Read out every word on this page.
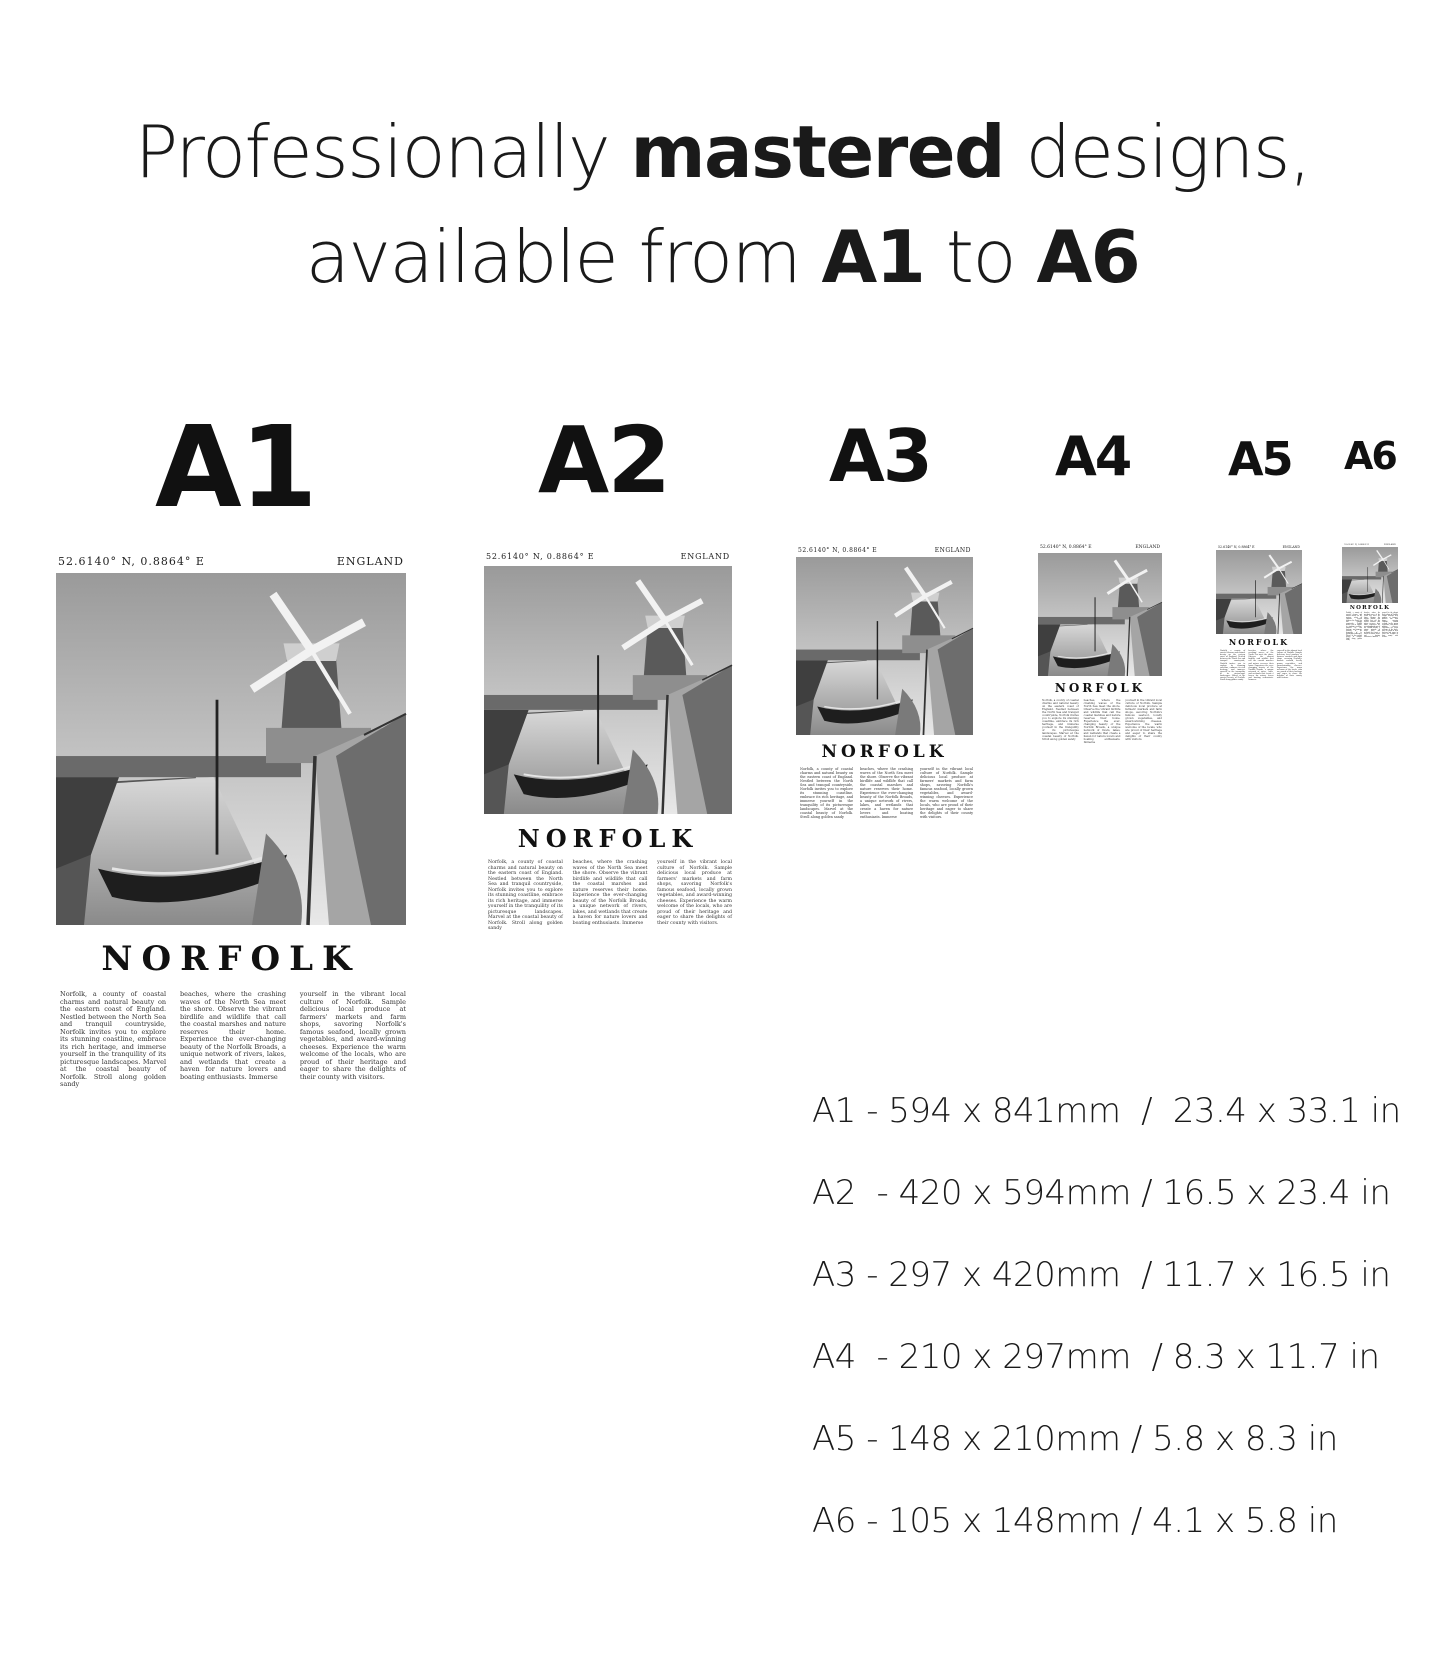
Professionally mastered designs,
available from A1 to A6
A1 A2 A3 A4 A5 A6
52.6140° N, 0.8864° E	ENGLAND
NORFOLK
Norfolk, a county of coastal charms and natural beauty on the eastern coast of England. Nestled between the North Sea and tranquil countryside, Norfolk invites you to explore its stunning coastline, embrace its rich heritage, and immerse yourself in the tranquility of its picturesque landscapes. Marvel at the coastal beauty of Norfolk. Stroll along golden sandy
beaches, where the crashing waves of the North Sea meet the shore. Observe the vibrant birdlife and wildlife that call the coastal marshes and nature reserves their home. Experience the ever-changing beauty of the Norfolk Broads, a unique network of rivers, lakes, and wetlands that create a haven for nature lovers and boating enthusiasts. Immerse
yourself in the vibrant local culture of Norfolk. Sample delicious local produce at farmers' markets and farm shops, savoring Norfolk's famous seafood, locally grown vegetables, and award-winning cheeses. Experience the warm welcome of the locals, who are proud of their heritage and eager to share the delights of their county with visitors.
52.6140° N, 0.8864° E	ENGLAND
NORFOLK
Norfolk, a county of coastal charms and natural beauty on the eastern coast of England. Nestled between the North Sea and tranquil countryside, Norfolk invites you to explore its stunning coastline, embrace its rich heritage, and immerse yourself in the tranquility of its picturesque landscapes. Marvel at the coastal beauty of Norfolk. Stroll along golden sandy
beaches, where the crashing waves of the North Sea meet the shore. Observe the vibrant birdlife and wildlife that call the coastal marshes and nature reserves their home. Experience the ever-changing beauty of the Norfolk Broads, a unique network of rivers, lakes, and wetlands that create a haven for nature lovers and boating enthusiasts. Immerse
yourself in the vibrant local culture of Norfolk. Sample delicious local produce at farmers' markets and farm shops, savoring Norfolk's famous seafood, locally grown vegetables, and award-winning cheeses. Experience the warm welcome of the locals, who are proud of their heritage and eager to share the delights of their county with visitors.
52.6140° N, 0.8864° E	ENGLAND
NORFOLK
Norfolk, a county of coastal charms and natural beauty on the eastern coast of England. Nestled between the North Sea and tranquil countryside, Norfolk invites you to explore its stunning coastline, embrace its rich heritage, and immerse yourself in the tranquility of its picturesque landscapes. Marvel at the coastal beauty of Norfolk. Stroll along golden sandy
beaches, where the crashing waves of the North Sea meet the shore. Observe the vibrant birdlife and wildlife that call the coastal marshes and nature reserves their home. Experience the ever-changing beauty of the Norfolk Broads, a unique network of rivers, lakes, and wetlands that create a haven for nature lovers and boating enthusiasts. Immerse
yourself in the vibrant local culture of Norfolk. Sample delicious local produce at farmers' markets and farm shops, savoring Norfolk's famous seafood, locally grown vegetables, and award-winning cheeses. Experience the warm welcome of the locals, who are proud of their heritage and eager to share the delights of their county with visitors.
52.6140° N, 0.8864° E	ENGLAND
NORFOLK
Norfolk, a county of coastal charms and natural beauty on the eastern coast of England. Nestled between the North Sea and tranquil countryside, Norfolk invites you to explore its stunning coastline, embrace its rich heritage, and immerse yourself in the tranquility of its picturesque landscapes. Marvel at the coastal beauty of Norfolk. Stroll along golden sandy
beaches, where the crashing waves of the North Sea meet the shore. Observe the vibrant birdlife and wildlife that call the coastal marshes and nature reserves their home. Experience the ever-changing beauty of the Norfolk Broads, a unique network of rivers, lakes, and wetlands that create a haven for nature lovers and boating enthusiasts. Immerse
yourself in the vibrant local culture of Norfolk. Sample delicious local produce at farmers' markets and farm shops, savoring Norfolk's famous seafood, locally grown vegetables, and award-winning cheeses. Experience the warm welcome of the locals, who are proud of their heritage and eager to share the delights of their county with visitors.
52.6140° N, 0.8864° E	ENGLAND
NORFOLK
Norfolk, a county of coastal charms and natural beauty on the eastern coast of England. Nestled between the North Sea and tranquil countryside, Norfolk invites you to explore its stunning coastline, embrace its rich heritage, and immerse yourself in the tranquility of its picturesque landscapes. Marvel at the coastal beauty of Norfolk. Stroll along golden sandy
beaches, where the crashing waves of the North Sea meet the shore. Observe the vibrant birdlife and wildlife that call the coastal marshes and nature reserves their home. Experience the ever-changing beauty of the Norfolk Broads, a unique network of rivers, lakes, and wetlands that create a haven for nature lovers and boating enthusiasts. Immerse
yourself in the vibrant local culture of Norfolk. Sample delicious local produce at farmers' markets and farm shops, savoring Norfolk's famous seafood, locally grown vegetables, and award-winning cheeses. Experience the warm welcome of the locals, who are proud of their heritage and eager to share the delights of their county with visitors.
52.6140° N, 0.8864° E	ENGLAND
NORFOLK
Norfolk, a county of coastal charms and natural beauty on the eastern coast of England. Nestled between the North Sea and tranquil countryside, Norfolk invites you to explore its stunning coastline, embrace its rich heritage, and immerse yourself in the tranquility of its picturesque landscapes. Marvel at the coastal beauty of Norfolk. Stroll along golden sandy
beaches, where the crashing waves of the North Sea meet the shore. Observe the vibrant birdlife and wildlife that call the coastal marshes and nature reserves their home. Experience the ever-changing beauty of the Norfolk Broads, a unique network of rivers, lakes, and wetlands that create a haven for nature lovers and boating enthusiasts. Immerse
yourself in the vibrant local culture of Norfolk. Sample delicious local produce at farmers' markets and farm shops, savoring Norfolk's famous seafood, locally grown vegetables, and award-winning cheeses. Experience the warm welcome of the locals, who are proud of their heritage and eager to share the delights of their county with visitors.
A1 - 594 x 841mm  /  23.4 x 33.1 in
A2  - 420 x 594mm / 16.5 x 23.4 in
A3 - 297 x 420mm  / 11.7 x 16.5 in
A4  - 210 x 297mm  / 8.3 x 11.7 in
A5 - 148 x 210mm / 5.8 x 8.3 in
A6 - 105 x 148mm / 4.1 x 5.8 in
